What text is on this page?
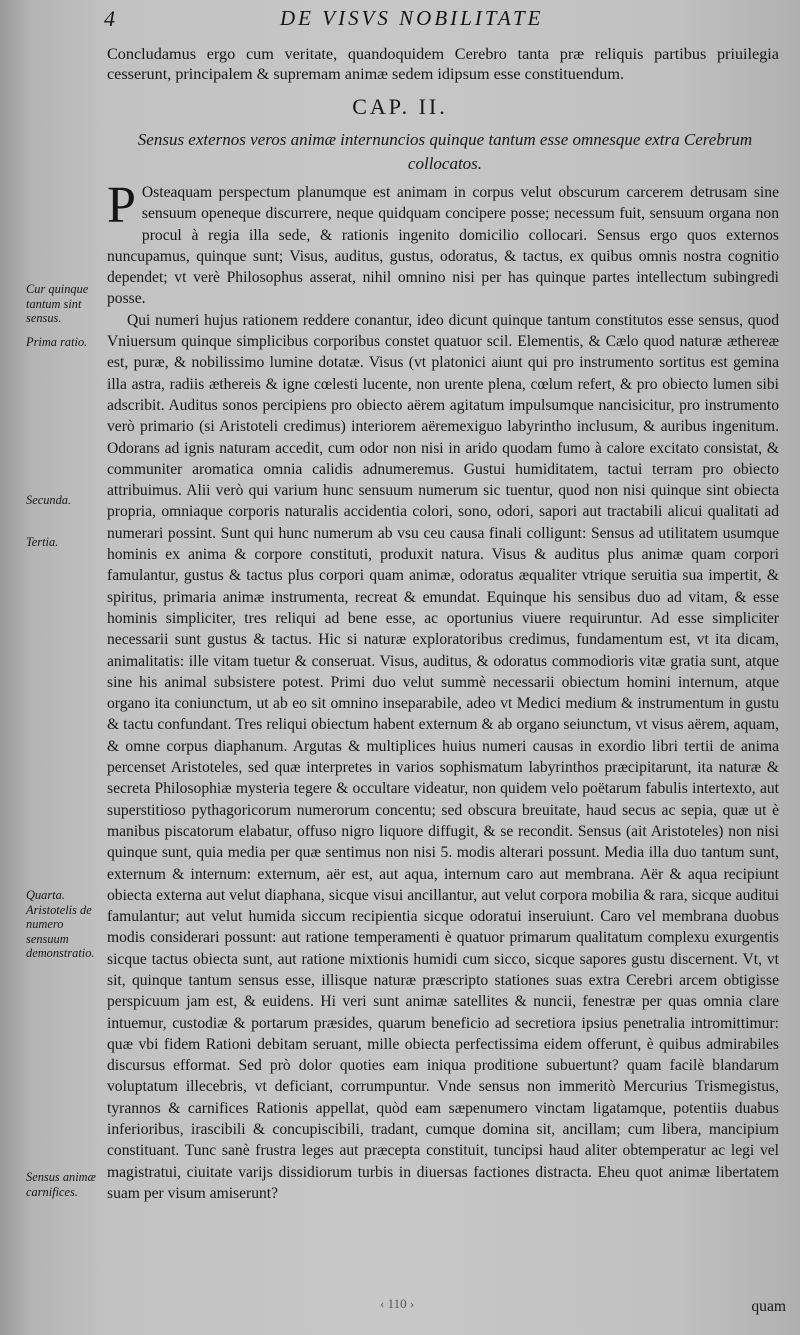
4	DE VISVS NOBILITATE
Concludamus ergo cum veritate, quandoquidem Cerebro tanta præ reliquis partibus priuilegia cesserunt, principalem & supremam animæ sedem idipsum esse constituendum.
CAP. II.
Sensus externos veros animæ internuncios quinque tantum esse omnesque extra Cerebrum collocatos.

P Osteaquam perspectum planumque est animam in corpus velut obscurum carcerem detrusam sine sensuum openeque discurrere, neque quidquam concipere posse; necessum fuit, sensuum organa non procul à regia illa sede, & rationis ingenito domicilio collocari. Sensus ergo quos externos nuncupamus, quinque sunt; Visus, auditus, gustus, odoratus, & tactus, ex quibus omnis nostra cognitio dependet; vt verè Philosophus asserat, nihil omnino nisi per has quinque partes intellectum subingredi posse.

Qui numeri hujus rationem reddere conantur, ideo dicunt quinque tantum constitutos esse sensus, quod Vniuersum quinque simplicibus corporibus constet quatuor scil. Elementis, & Cælo quod naturæ æthereæ est, puræ, & nobilissimo lumine dotatæ. Visus (vt platonici aiunt qui pro instrumento sortitus est gemina illa astra, radiis æthereis & igne cœlesti lucente, non urente plena, cœlum refert, & pro obiecto lumen sibi adscribit. Auditus sonos percipiens pro obiecto aërem agitatum impulsumque nancisicitur, pro instrumento verò primario (si Aristoteli credimus) interiorem aëremexiguo labyrintho inclusum, & auribus ingenitum. Odorans ad ignis naturam accedit, cum odor non nisi in arido quodam fumo à calore excitato consistat, & communiter aromatica omnia calidis adnumeremus. Gustui humiditatem, tactui terram pro obiecto attribuimus. Alii verò qui varium hunc sensuum numerum sic tuentur, quod non nisi quinque sint obiecta propria, omniaque corporis naturalis accidentia colori, sono, odori, sapori aut tractabili alicui qualitati ad numerari possint. Sunt qui hunc numerum ab vsu ceu causa finali colligunt: Sensus ad utilitatem usumque hominis ex anima & corpore constituti, produxit natura. Visus & auditus plus animæ quam corpori famulantur, gustus & tactus plus corpori quam animæ, odoratus æqualiter vtrique seruitia sua impertit, & spiritus, primaria animæ instrumenta, recreat & emundat. Equinque his sensibus duo ad vitam, & esse hominis simpliciter, tres reliqui ad bene esse, ac oportunius viuere requiruntur. Ad esse simpliciter necessarii sunt gustus & tactus. Hic si naturæ exploratoribus credimus, fundamentum est, vt ita dicam, animalitatis: ille vitam tuetur & conseruat. Visus, auditus, & odoratus commodioris vitæ gratia sunt, atque sine his animal subsistere potest. Primi duo velut summè necessarii obiectum homini internum, atque organo ita coniunctum, ut ab eo sit omnino inseparabile, adeo vt Medici medium & instrumentum in gustu & tactu confundant. Tres reliqui obiectum habent externum & ab organo seiunctum, vt visus aërem, aquam, & omne corpus diaphanum. Argutas & multiplices huius numeri causas in exordio libri tertii de anima percenset Aristoteles, sed quæ interpretes in varios sophismatum labyrinthos præcipitarunt, ita naturæ & secreta Philosophiæ mysteria tegere & occultare videatur, non quidem velo poëtarum fabulis intertexto, aut superstitioso pythagoricorum numerorum concentu; sed obscura breuitate, haud secus ac sepia, quæ ut è manibus piscatorum elabatur, offuso nigro liquore diffugit, & se recondit. Sensus (ait Aristoteles) non nisi quinque sunt, quia media per quæ sentimus non nisi 5. modis alterari possunt. Media illa duo tantum sunt, externum & internum: externum, aër est, aut aqua, internum caro aut membrana. Aër & aqua recipiunt obiecta externa aut velut diaphana, sicque visui ancillantur, aut velut corpora mobilia & rara, sicque auditui famulantur; aut velut humida siccum recipientia sicque odoratui inseruiunt. Caro vel membrana duobus modis considerari possunt: aut ratione temperamenti è quatuor primarum qualitatum complexu exurgentis sicque tactus obiecta sunt, aut ratione mixtionis humidi cum sicco, sicque sapores gustu discernent. Vt, vt sit, quinque tantum sensus esse, illisque naturæ præscripto stationes suas extra Cerebri arcem obtigisse perspicuum jam est, & euidens. Hi veri sunt animæ satellites & nuncii, fenestræ per quas omnia clare intuemur, custodiæ & portarum præsides, quarum beneficio ad secretiora ipsius penetralia intromittimur: quæ vbi fidem Rationi debitam seruant, mille obiecta perfectissima eidem offerunt, è quibus admirabiles discursus efformat. Sed prò dolor quoties eam iniqua proditione subuertunt? quam facilè blandarum voluptatum illecebris, vt deficiant, corrumpuntur. Vnde sensus non immeritò Mercurius Trismegistus, tyrannos & carnifices Rationis appellat, quòd eam sæpenumero vinctam ligatamque, potentiis duabus inferioribus, irascibili & concupiscibili, tradant, cumque domina sit, ancillam; cum libera, mancipium constituant. Tunc sanè frustra leges aut præcepta constituit, tuncipsi haud aliter obtemperatur ac legi vel magistratui, ciuitate varijs dissidiorum turbis in diuersas factiones distracta. Eheu quot animæ libertatem suam per visum amiserunt?

Cur quinque tantum sint sensus.
Prima ratio.
Secunda.
Tertia.
Quarta. Aristotelis de numero sensuum demonstratio.
Sensus animæ carnifices.
‹ 110 ›	quam
